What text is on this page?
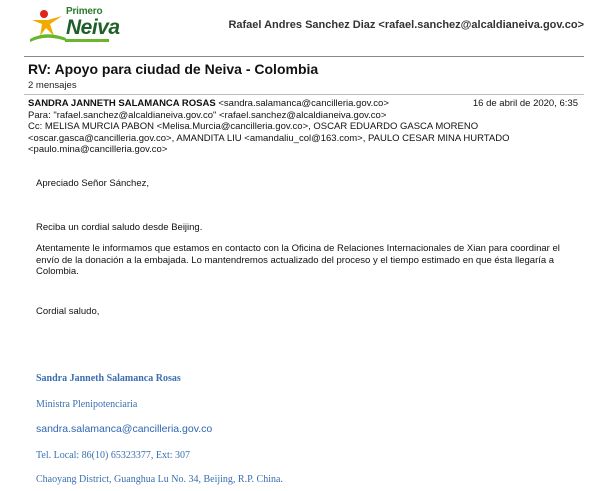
Primero
Neiva	Rafael Andres Sanchez Diaz <rafael.sanchez@alcaldianeiva.gov.co>
RV: Apoyo para ciudad de Neiva - Colombia
2 mensajes
SANDRA JANNETH SALAMANCA ROSAS <sandra.salamanca@cancilleria.gov.co>
Para: "rafael.sanchez@alcaldianeiva.gov.co" <rafael.sanchez@alcaldianeiva.gov.co>
Cc: MELISA MURCIA PABON <Melisa.Murcia@cancilleria.gov.co>, OSCAR EDUARDO GASCA MORENO
<oscar.gasca@cancilleria.gov.co>, AMANDITA LIU <amandaliu_col@163.com>, PAULO CESAR MINA HURTADO
<paulo.mina@cancilleria.gov.co>
16 de abril de 2020, 6:35
Apreciado Señor Sánchez,
Reciba un cordial saludo desde Beijing.
Atentamente le informamos que estamos en contacto con la Oficina de Relaciones Internacionales de Xian para coordinar el envío de la donación a la embajada. Lo mantendremos actualizado del proceso y el tiempo estimado en que ésta llegaría a Colombia.
Cordial saludo,
Sandra Janneth Salamanca Rosas
Ministra Plenipotenciaria
sandra.salamanca@cancilleria.gov.co
Tel. Local: 86(10) 65323377, Ext: 307
Chaoyang District, Guanghua Lu No. 34, Beijing, R.P. China.
